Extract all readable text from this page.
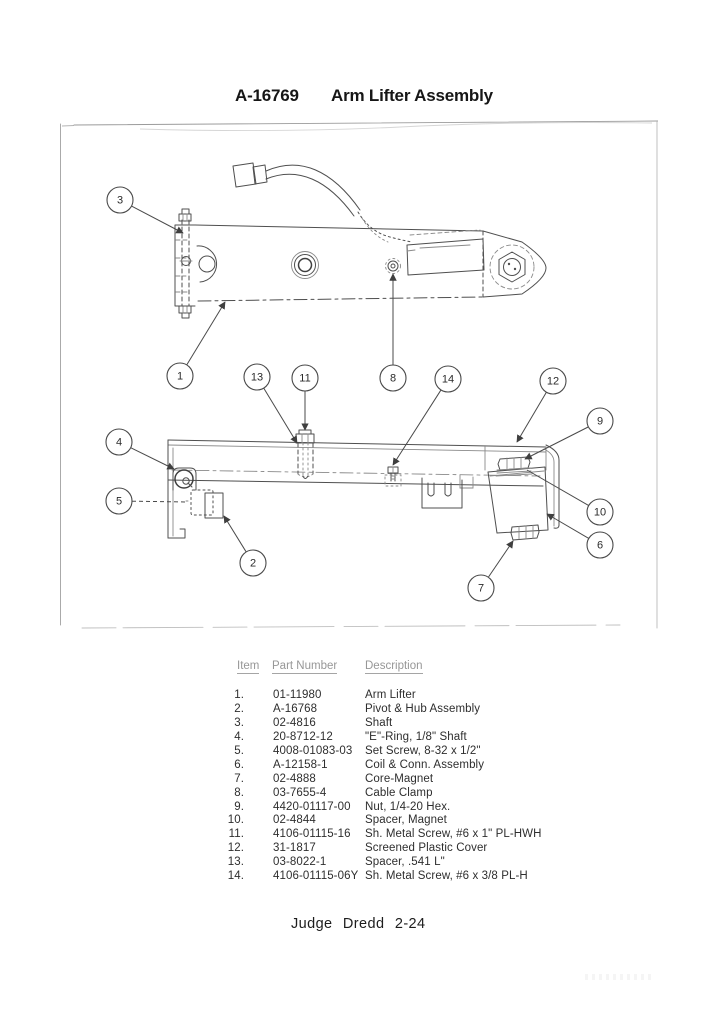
A-16769 Arm Lifter Assembly
3
1	13	11	8	14	12
4
5
2
9
10
6
7
Item Part Number Description
1.	01-11980	Arm Lifter
2.	A-16768	Pivot & Hub Assembly
3.	02-4816	Shaft
4.	20-8712-12	"E"-Ring, 1/8" Shaft
5.	4008-01083-03 Set Screw, 8-32 x 1/2"
6.	A-12158-1	Coil & Conn. Assembly
7.	02-4888	Core-Magnet
8.	03-7655-4	Cable Clamp
9.	4420-01117-00 Nut, 1/4-20 Hex.
10.	02-4844	Spacer, Magnet
11.	4106-01115-16 Sh. Metal Screw, #6 x 1" PL-HWH
12.	31-1817	Screened Plastic Cover
13.	03-8022-1	Spacer, .541 L"
14.	4106-01115-06Y Sh. Metal Screw, #6 x 3/8 PL-H
Judge Dredd 2-24
